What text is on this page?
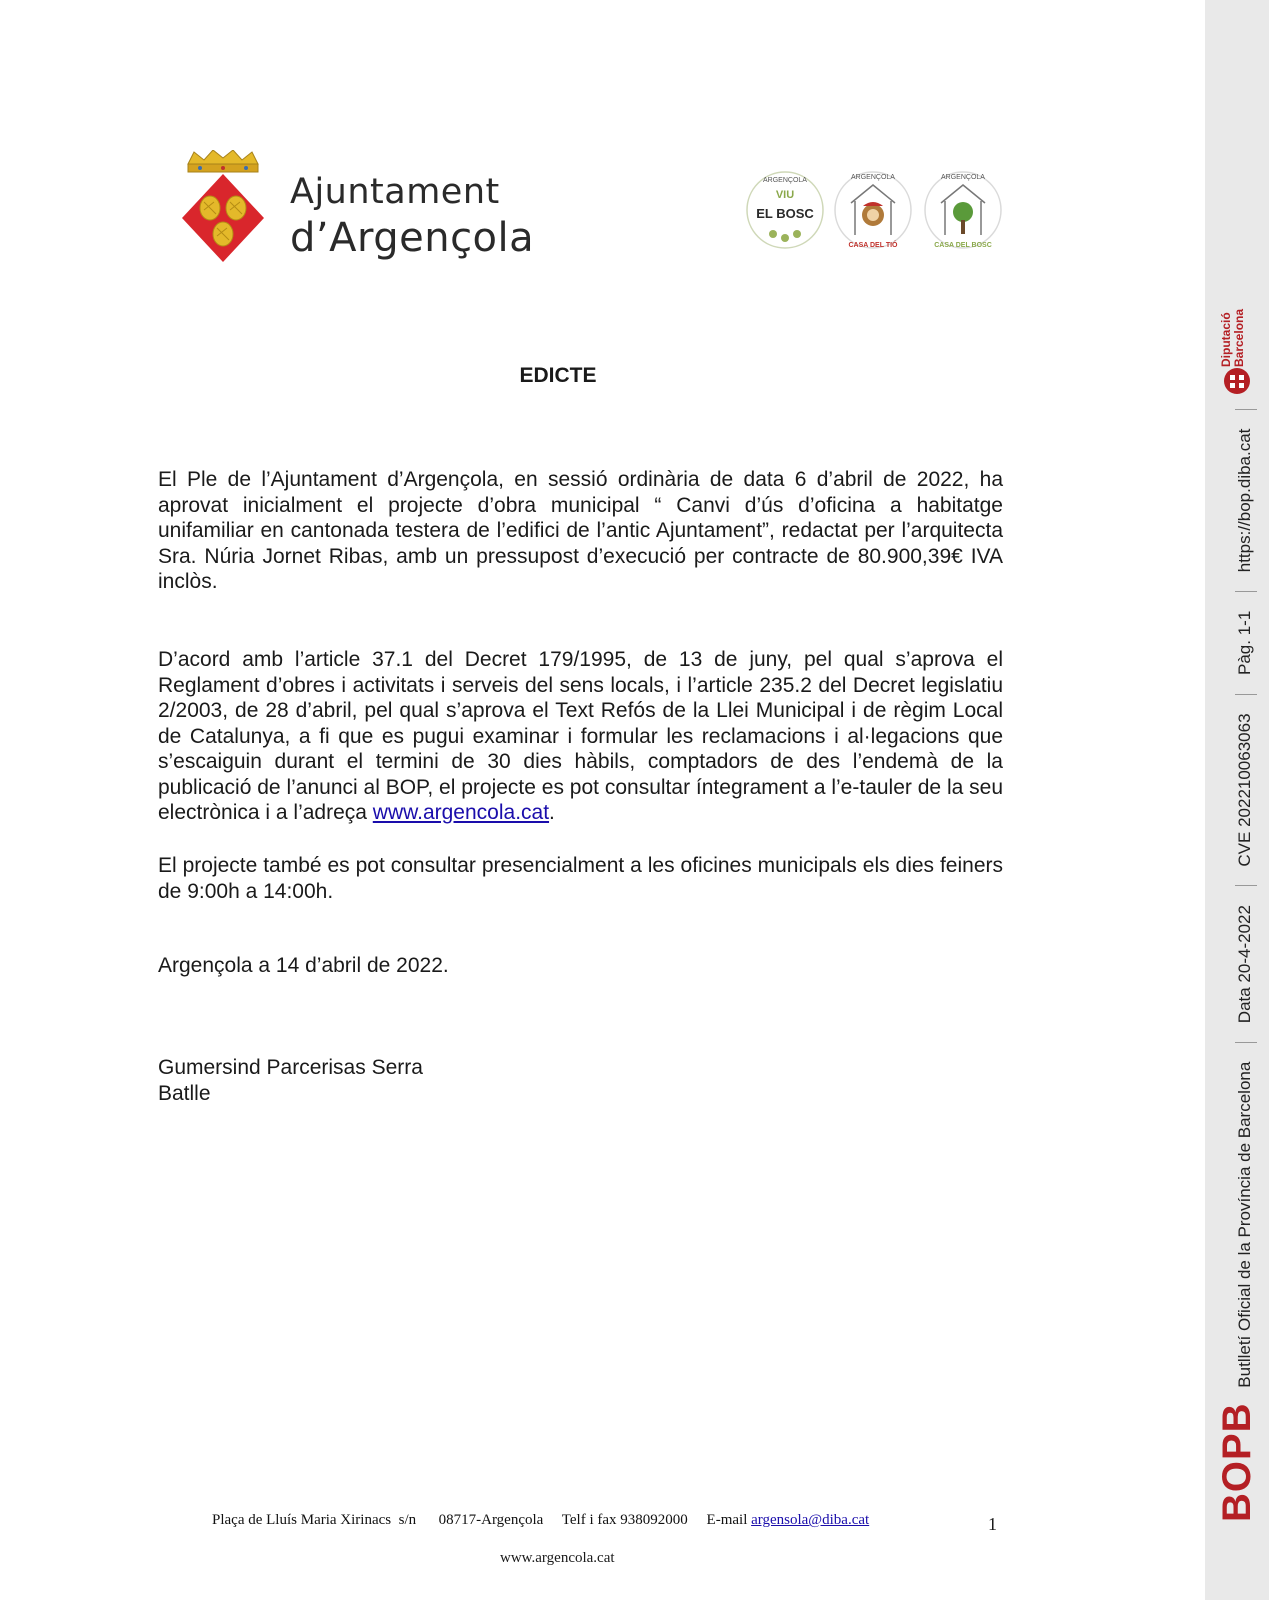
Ajuntament
d’Argençola
ARGENÇOLA
VIU
EL BOSC
ARGENÇOLA
CASA DEL TIÓ
ARGENÇOLA
CASA DEL BOSC
EDICTE

El Ple de l’Ajuntament d’Argençola, en sessió ordinària de data 6 d’abril de 2022, ha aprovat inicialment el projecte d’obra municipal “ Canvi d’ús d’oficina a habitatge unifamiliar en cantonada testera de l’edifici de l’antic Ajuntament”, redactat per l’arquitecta Sra. Núria Jornet Ribas, amb un pressupost d’execució per contracte de 80.900,39€ IVA inclòs.

D’acord amb l’article 37.1 del Decret 179/1995, de 13 de juny, pel qual s’aprova el Reglament d’obres i activitats i serveis del sens locals, i l’article 235.2 del Decret legislatiu 2/2003, de 28 d’abril, pel qual s’aprova el Text Refós de la Llei Municipal i de règim Local de Catalunya, a fi que es pugui examinar i formular les reclamacions i al·legacions que s’escaiguin durant el termini de 30 dies hàbils, comptadors de des l’endemà de la publicació de l’anunci al BOP, el projecte es pot consultar íntegrament a l’e-tauler de la seu electrònica i a l’adreça www.argencola.cat.

El projecte també es pot consultar presencialment a les oficines municipals els dies feiners de 9:00h a 14:00h.

Argençola a 14 d’abril de 2022.
Gumersind Parcerisas Serra
Batlle
Plaça de Lluís Maria Xirinacs  s/n      08717-Argençola     Telf i fax 938092000     E-mail argensola@diba.cat	1
www.argencola.cat
BOPB Butlletí Oficial de la Província de Barcelona  Data 20-4-2022  CVE 202210063063  Pàg. 1-1  https://bop.diba.cat
Diputació Barcelona
